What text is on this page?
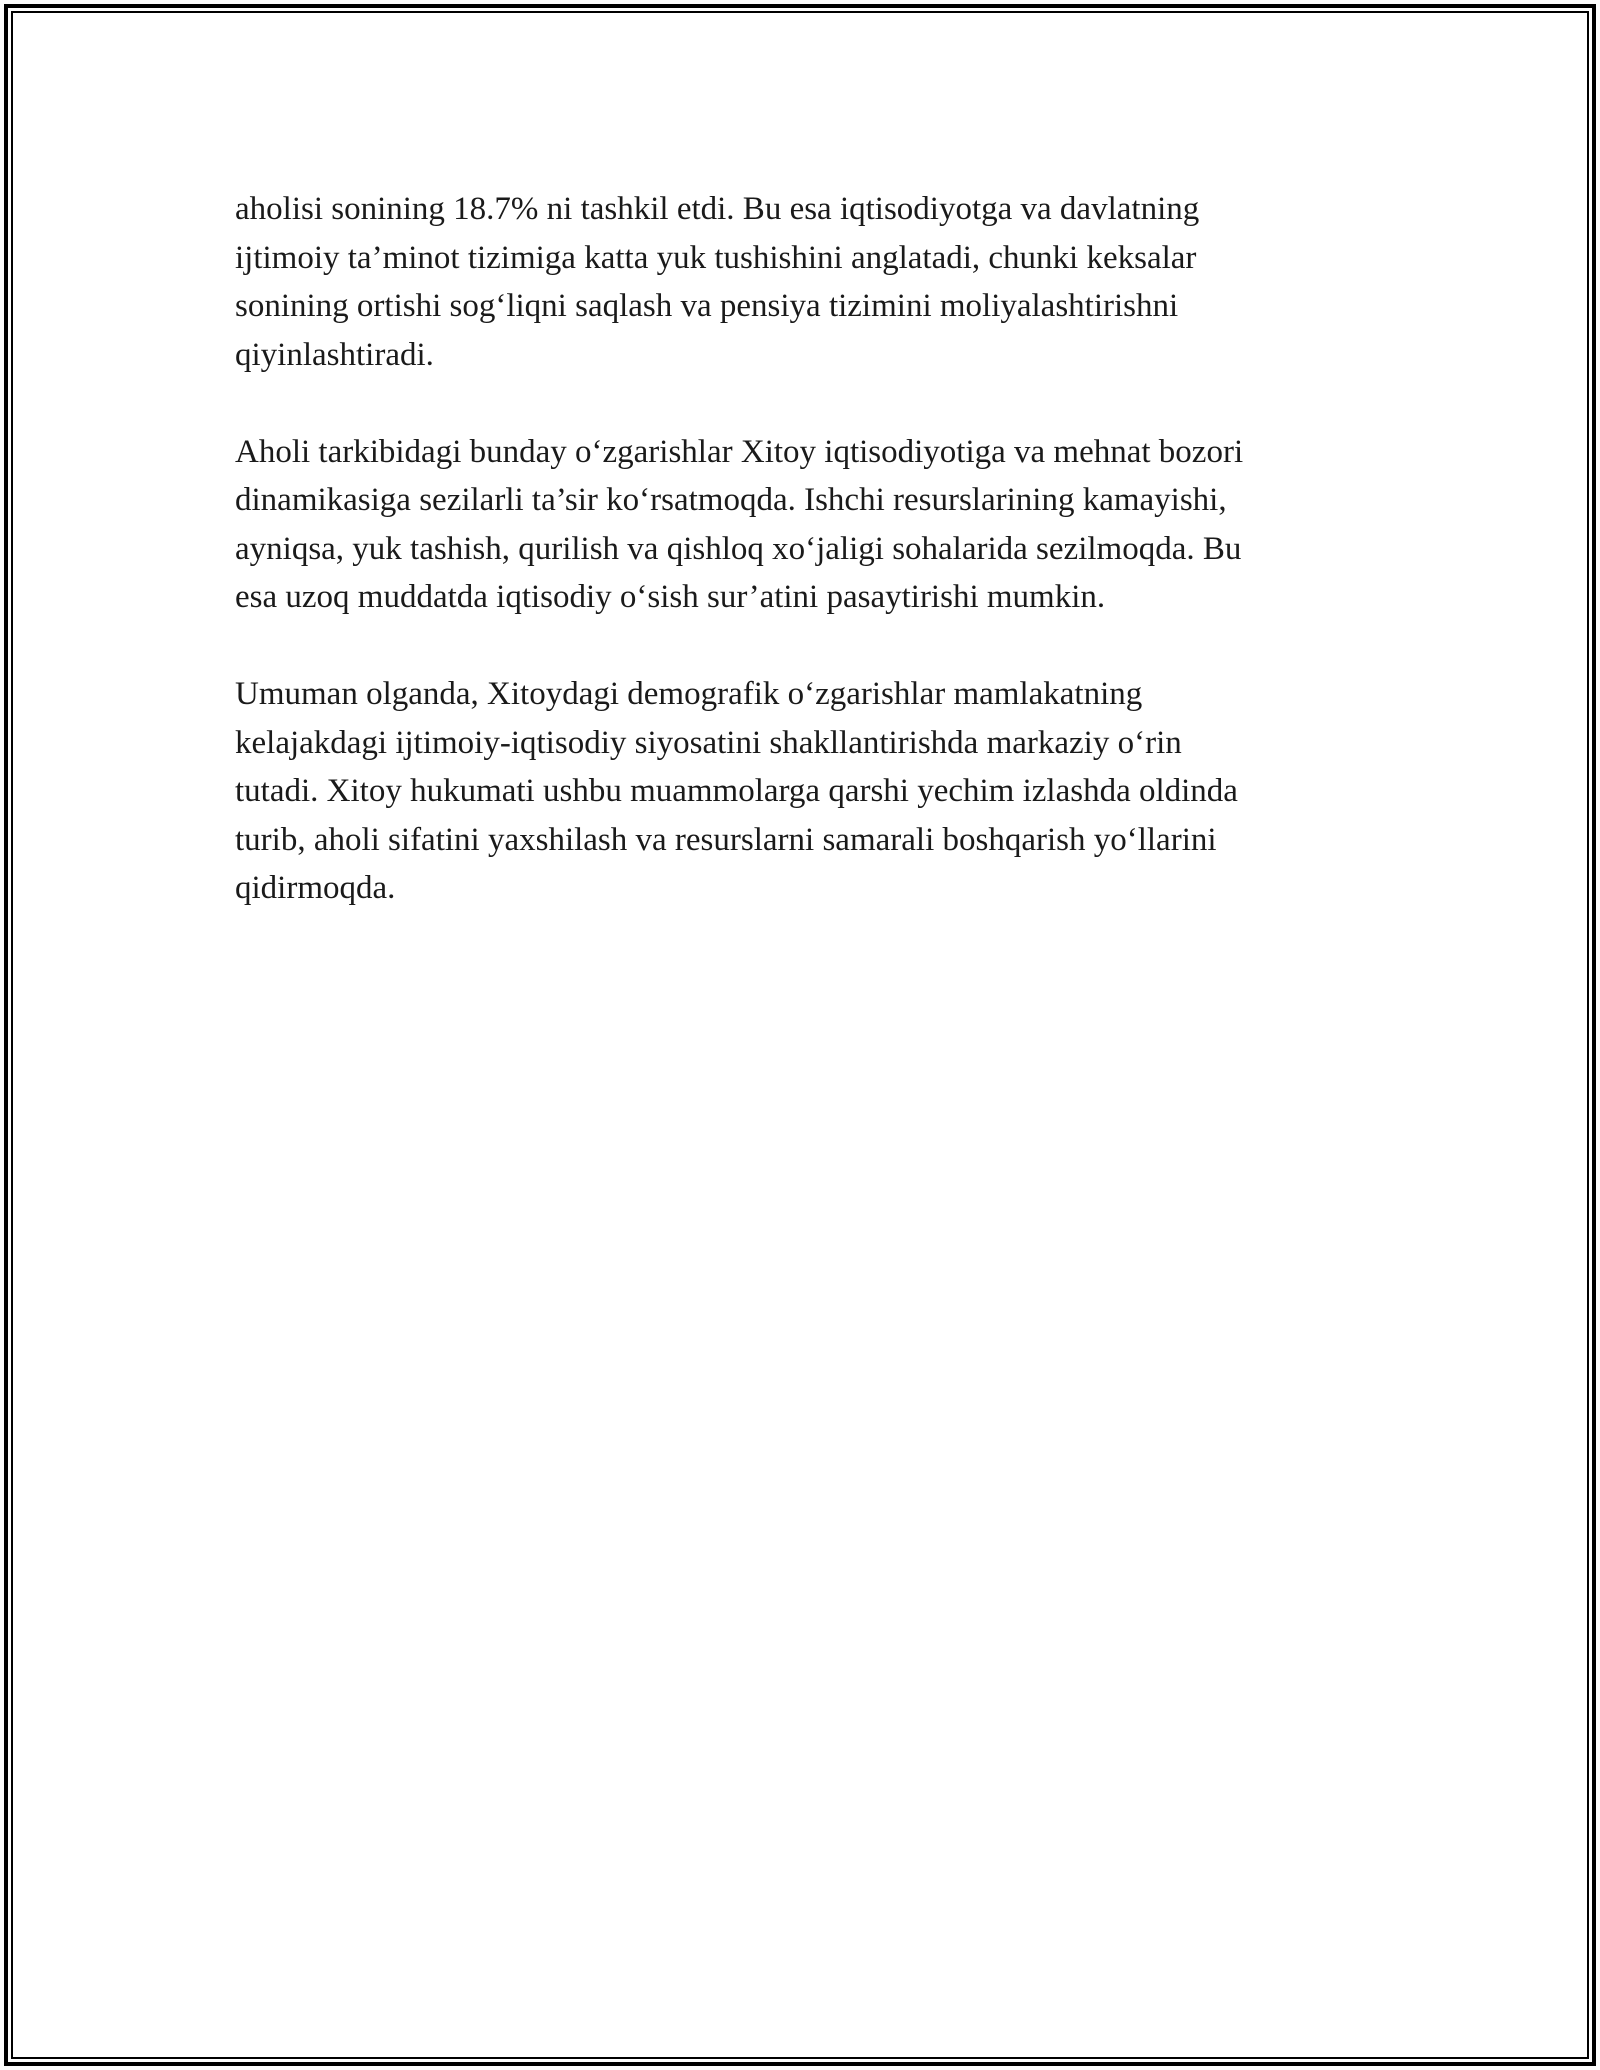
aholisi sonining 18.7% ni tashkil etdi. Bu esa iqtisodiyotga va davlatning
ijtimoiy ta’minot tizimiga katta yuk tushishini anglatadi, chunki keksalar
sonining ortishi sog‘liqni saqlash va pensiya tizimini moliyalashtirishni
qiyinlashtiradi.

Aholi tarkibidagi bunday o‘zgarishlar Xitoy iqtisodiyotiga va mehnat bozori
dinamikasiga sezilarli ta’sir ko‘rsatmoqda. Ishchi resurslarining kamayishi,
ayniqsa, yuk tashish, qurilish va qishloq xo‘jaligi sohalarida sezilmoqda. Bu
esa uzoq muddatda iqtisodiy o‘sish sur’atini pasaytirishi mumkin.

Umuman olganda, Xitoydagi demografik o‘zgarishlar mamlakatning
kelajakdagi ijtimoiy-iqtisodiy siyosatini shakllantirishda markaziy o‘rin
tutadi. Xitoy hukumati ushbu muammolarga qarshi yechim izlashda oldinda
turib, aholi sifatini yaxshilash va resurslarni samarali boshqarish yo‘llarini
qidirmoqda.
